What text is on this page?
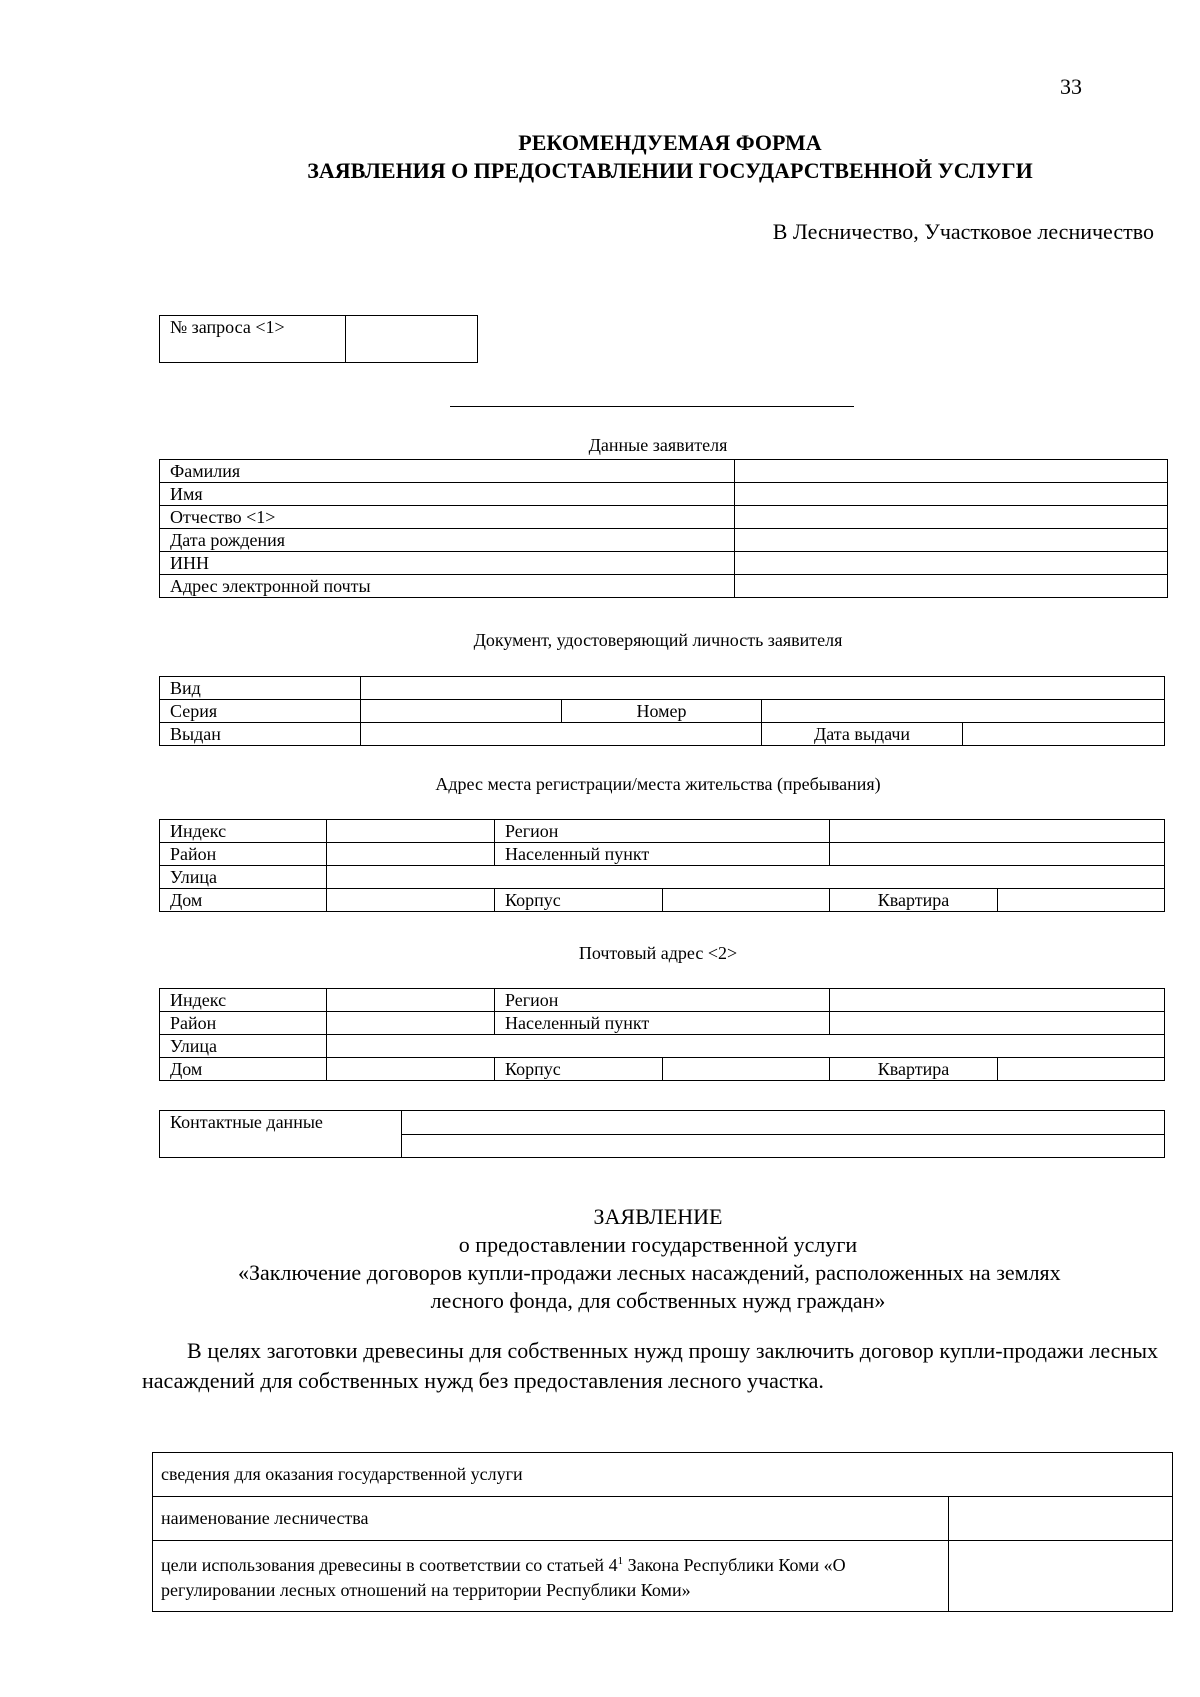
33
РЕКОМЕНДУЕМАЯ ФОРМА
ЗАЯВЛЕНИЯ О ПРЕДОСТАВЛЕНИИ ГОСУДАРСТВЕННОЙ УСЛУГИ
В Лесничество, Участковое лесничество
№ запроса <1>	
Данные заявителя
Фамилия	
Имя	
Отчество <1>	
Дата рождения	
ИНН	
Адрес электронной почты	
Документ, удостоверяющий личность заявителя
Вид				
Серия		Номер		
Выдан			Дата выдачи	
Адрес места регистрации/места жительства (пребывания)
Индекс		Регион			
Район		Населенный пункт			
Улица					
Дом		Корпус		Квартира	
Почтовый адрес <2>
Индекс		Регион			
Район		Населенный пункт			
Улица					
Дом		Корпус		Квартира	
Контактные данные	

ЗАЯВЛЕНИЕ
о предоставлении государственной услуги
«Заключение договоров купли-продажи лесных насаждений, расположенных на землях
лесного фонда, для собственных нужд граждан»
В целях заготовки древесины для собственных нужд прошу заключить договор купли-продажи лесных насаждений для собственных нужд без предоставления лесного участка.
сведения для оказания государственной услуги	
наименование лесничества	
цели использования древесины в соответствии со статьей $4^1$ Закона Республики Коми «О регулировании лесных отношений на территории Республики Коми»	
